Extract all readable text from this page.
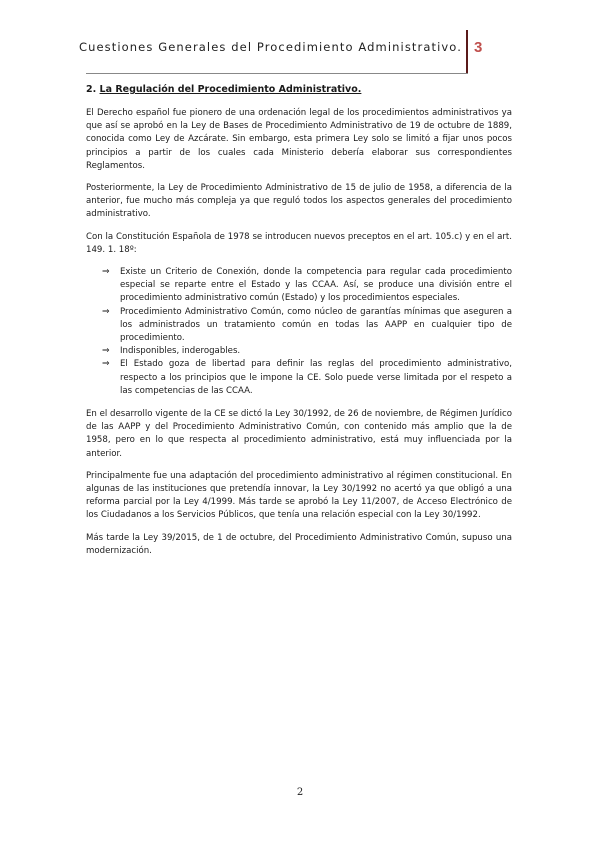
Cuestiones Generales del Procedimiento Administrativo. 3
2. La Regulación del Procedimiento Administrativo.

El Derecho español fue pionero de una ordenación legal de los procedimientos administrativos ya que así se aprobó en la Ley de Bases de Procedimiento Administrativo de 19 de octubre de 1889, conocida como Ley de Azcárate. Sin embargo, esta primera Ley solo se limitó a fijar unos pocos principios a partir de los cuales cada Ministerio debería elaborar sus correspondientes Reglamentos.

Posteriormente, la Ley de Procedimiento Administrativo de 15 de julio de 1958, a diferencia de la anterior, fue mucho más compleja ya que reguló todos los aspectos generales del procedimiento administrativo.

Con la Constitución Española de 1978 se introducen nuevos preceptos en el art. 105.c) y en el art. 149. 1. 18º:

⇒ Existe un Criterio de Conexión, donde la competencia para regular cada procedimiento especial se reparte entre el Estado y las CCAA. Así, se produce una división entre el procedimiento administrativo común (Estado) y los procedimientos especiales.
⇒ Procedimiento Administrativo Común, como núcleo de garantías mínimas que aseguren a los administrados un tratamiento común en todas las AAPP en cualquier tipo de procedimiento.
⇒ Indisponibles, inderogables.
⇒ El Estado goza de libertad para definir las reglas del procedimiento administrativo, respecto a los principios que le impone la CE. Solo puede verse limitada por el respeto a las competencias de las CCAA.

En el desarrollo vigente de la CE se dictó la Ley 30/1992, de 26 de noviembre, de Régimen Jurídico de las AAPP y del Procedimiento Administrativo Común, con contenido más amplio que la de 1958, pero en lo que respecta al procedimiento administrativo, está muy influenciada por la anterior.

Principalmente fue una adaptación del procedimiento administrativo al régimen constitucional. En algunas de las instituciones que pretendía innovar, la Ley 30/1992 no acertó ya que obligó a una reforma parcial por la Ley 4/1999. Más tarde se aprobó la Ley 11/2007, de Acceso Electrónico de los Ciudadanos a los Servicios Públicos, que tenía una relación especial con la Ley 30/1992.

Más tarde la Ley 39/2015, de 1 de octubre, del Procedimiento Administrativo Común, supuso una modernización.

2
